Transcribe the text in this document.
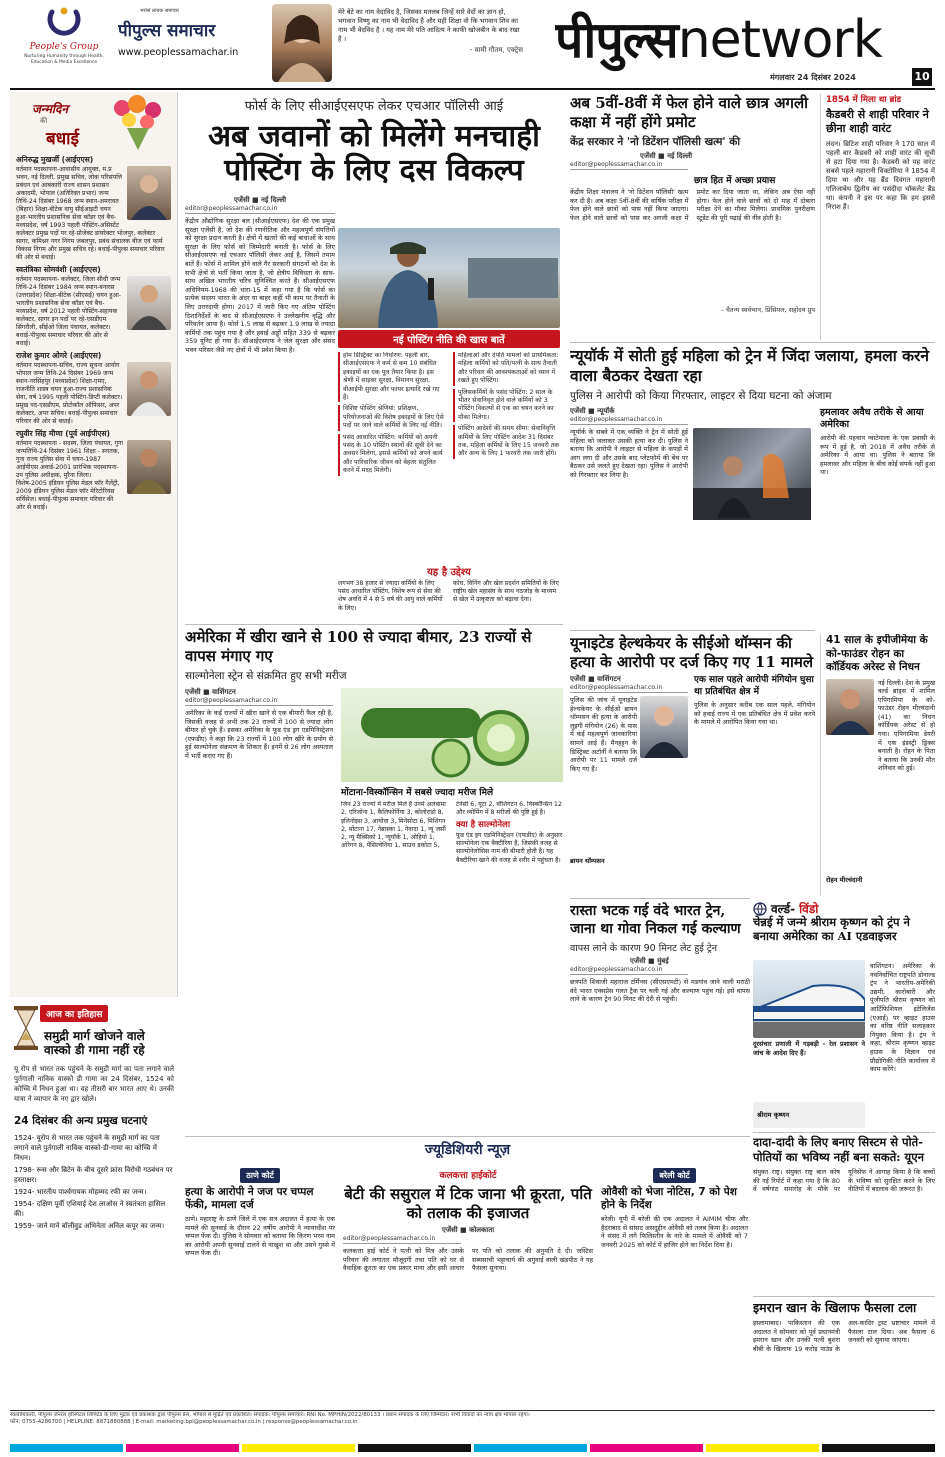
People's Group
Nurturing Humanity through Health, Education & Media Excellence
भरोसे लायक समाचार
पीपुल्स समाचार
www.peoplessamachar.in
मेरे बेटे का नाम वेदाविद है, जिसका मतलब जिन्हें सारे वेदों का ज्ञान हो, भगवान विष्णु का नाम भी वेदाविद है और यही शिक्षा वो कि भगवान शिव का नाम भी वेदविद है । यह नाम मेरे पति आदित्य ने काफी खोजबीन के बाद रखा है ।
- यामी गौतम, एक्ट्रेस पीपुल्सnetwork
मंगलवार 24 दिसंबर 2024	10
जन्मदिन
की
बधाई
अनिरुद्ध मुखर्जी (आईएएस)
वर्तमान पदस्थापना-आवासीय आयुक्त, म.प्र भवन, नई दिल्ली, प्रमुख सचिव, लोक परिसंपत्ति प्रबंधन एवं आबकारी राज्य शासन प्रशासन अकादमी, भोपाल (अतिरिक्त प्रभार) जन्म तिथि-24 दिसंबर 1968 जन्म स्थान-अमरावत (बिहार) शिक्षा-बीटेक वायु सीईआइटी चयन हुआ-भारतीय प्रशासनिक सेवा कॉडर एवं बैच-मध्यप्रदेश, वर्ष 1993 पहली पोस्टिंग-असिस्टेंट कलेक्टर प्रमुख पदों पर रहे-प्रोजेक्ट डायरेक्टर भोजपुर, कलेक्टर सागर, कमिश्नर नगर निगम जबलपुर, प्रबंध संचालक बीज एवं फार्म विकास निगम और प्रमुख सचिव रहे। बधाई-पीपुल्स समाचार परिवार की ओर से बधाई।
स्वतंत्रिका सोमवंशी (आईएएस)
वर्तमान पदस्थापना- कलेक्टर, जिला सीधी जन्म तिथि-24 दिसंबर 1984 जन्म स्थान-बनारस (उत्तरप्रदेश) शिक्षा-बीटेक (सीएसई) चयन हुआ-भारतीय प्रशासनिक सेवा कॉडर एवं बैच-मध्यप्रदेश, वर्ष 2012 पहली पोस्टिंग-सहायक कलेक्टर, सागर इन पदों पर रहे-एसडीएम सिंगरौली, सीईओ जिला पंचायत, कलेक्टर। बधाई-पीपुल्स समाचार परिवार की ओर से बधाई।
राजेश कुमार ओगरे (आईएएस)
वर्तमान पदस्थापना-सचिव, राज्य सूचना आयोग भोपाल जन्म तिथि-24 दिसंबर 1969 जन्म स्थान-नरसिंहपुर (मध्यप्रदेश) शिक्षा-एमए, राजनीति शास्त्र चयन हुआ-राज्य प्रशासनिक सेवा, वर्ष 1995 पहली पोस्टिंग-डिप्टी कलेक्टर। प्रमुख पद-एसडीएम, प्रोटोकॉल ऑफिसर, अपर कलेक्टर, अपर सचिव। बधाई-पीपुल्स समाचार परिवार की ओर से बधाई।
रघुवीर सिंह मीणा (पूर्व आईपीएस)
वर्तमान पदस्थापना - सदस्य, जिला पंचायत, गुना जन्मतिथि-24 दिसंबर 1961 शिक्षा - स्नातक, गुना राज्य पुलिस सेवा में चयन-1987 आईपीएस अवार्ड-2001 प्रारंभिक पदस्थापना-उप पुलिस अधीक्षक, मुरैना जिला। विशेष-2005 इंडियन पुलिस मेडल फॉर गैलेंट्री, 2009 इंडियन पुलिस मेडल फॉर मेरिटोरियस सर्विसेज। बधाई-पीपुल्स समाचार परिवार की ओर से बधाई।
आज का इतिहास
समुद्री मार्ग खोजने वाले वास्को डी गामा नहीं रहे
यू रोप से भारत तक पहुंचने के समुद्री मार्ग का पता लगाने वाले पुर्तगाली नाविक वास्को डी गामा का 24 दिसंबर, 1524 को कोच्चि में निधन हुआ था। वह तीसरी बार भारत आए थे। उनकी यात्रा ने व्यापार के नए द्वार खोले।
24 दिसंबर की अन्य प्रमुख घटनाएं

1524- यूरोप से भारत तक पहुंचने के समुद्री मार्ग का पता लगाने वाले पुर्तगाली नाविक वास्को-डी-गामा का कोच्चि में निधन।

1798- रूस और ब्रिटेन के बीच दूसरे फ्रांस विरोधी गठबंधन पर हस्ताक्षर।

1924- भारतीय पार्श्वगायक मोहम्मद रफी का जन्म।

1954- दक्षिण पूर्वी एशियाई देश लाओस ने स्वतंत्रता हासिल की।

1959- जाने माने बॉलीवुड अभिनेता अनिल कपूर का जन्म।

फोर्स के लिए सीआईएसएफ लेकर एचआर पॉलिसी आई
अब जवानों को मिलेंगे मनचाही पोस्टिंग के लिए दस विकल्प
एजेंसी ■ नई दिल्ली
editor@peoplessamachar.co.in
केंद्रीय औद्योगिक सुरक्षा बल (सीआईएसएफ) देश की एक प्रमुख सुरक्षा एजेंसी है, जो देश की रणनीतिक और महत्वपूर्ण संपत्तियों को सुरक्षा प्रदान करती है। क्षेत्रों में खतरों की कई बाधाओं के साथ सुरक्षा के लिए फोर्स को जिम्मेदारी बनाती है। फोर्स के लिए सीआईएसएफ नई एचआर पॉलिसी लेकर आई है, जिसमें तमाम बातें हैं। फोर्स में शामिल होने वाले गैर सरकारी संगठनों को देश के सभी क्षेत्रों से भर्ती किया जाता है, जो क्षेत्रीय विविधता के साथ-साथ अखिल भारतीय चरित्र सुनिश्चित करते हैं। सीआईएसएफ अधिनियम-1968 की धारा-15 में कहा गया है कि फोर्स का प्रत्येक सदस्य भारत के अंदर या बाहर कहीं भी काम पर तैनाती के लिए उत्तरदायी होगा। 2017 में जारी किए गए अंतिम पोस्टिंग दिशानिर्देशों के बाद से सीआईएसएफ ने उल्लेखनीय वृद्धि और परिवर्तन आया है। फोर्स 1.5 लाख से बढ़कर 1.9 लाख से ज्यादा कर्मियों तक पहुंच गया है और हवाई अड्डों सहित 339 से बढ़कर 359 यूनिट हो गया है। सीआईएसएफ ने जेल सुरक्षा और संसद भवन परिसर जैसे नए क्षेत्रों में भी प्रवेश किया है।
नई पोस्टिंग नीति की खास बातें

होम डिस्ट्रिक्ट का निर्धारण: पहली बार, सीआईएसएफ ने कर्म से कम 10 संबंधित इकाइयों का एक पूल तैयार किया है। इस श्रेणी में साइबर सुरक्षा, विमानन सुरक्षा, वीआईपी सुरक्षा और फायर इत्यादि रखे गए हैं।

विशिष्ट पोस्टिंग श्रेणियां: प्रशिक्षण, परियोजनाओं की विशेष इकाइयों के लिए ऐसे पदों पर जाने वाले कर्मियों के लिए नई नीति।

पसंद आधारित पोस्टिंग: कर्मियों को अपनी पसंद के 10 पोस्टिंग स्थानों की सूची देने का अवसर मिलेगा, इससे कर्मियों को अपने कार्य और पारिवारिक जीवन को बेहतर संतुलित करने में मदद मिलेगी।

महिलाओं और दंपति मामलों को प्राथमिकता: महिला कर्मियों को पति/पत्नी के साथ तैनाती और परिवार की आवश्यकताओं को ध्यान में रखते हुए पोस्टिंग।

पुलिसकर्मियों के पसंद पोस्टिंग: 2 साल के भीतर सेवानिवृत होने वाले कर्मियों को 3 पोस्टिंग विकल्पों से एक का चयन करने का मौका मिलेगा।

पोस्टिंग आदेशों की समय सीमा: सेवानिवृत्ति कर्मियों के लिए पोस्टिंग आदेश 31 दिसंबर तक, महिला कर्मियों के लिए 15 जनवरी तक और अन्य के लिए 1 फरवरी तक जारी होंगे।

यह है उद्देश्य

लगभग 38 हजार से ज्यादा कर्मियों के लिए पसंद आधारित पोस्टिंग, विशेष रूप से सेवा की शेष अवधि में 4 से 5 वर्ष की आयु वाले कर्मियों के लिए।

कोच, विनिंग और खेल प्रदर्शन समितियों के लिए राष्ट्रीय खेल महासंघ के साथ गठजोड़ के माध्यम से खेल में उत्कृष्टता को बढ़ावा देना।

अमेरिका में खीरा खाने से 100 से ज्यादा बीमार, 23 राज्यों से वापस मंगाए गए
साल्मोनेला स्ट्रेन से संक्रमित हुए सभी मरीज
एजेंसी ■ वाशिंगटन
editor@peoplessamachar.co.in
अमेरिका के कई राज्यों में खीरा खाने से एक बीमारी फैल रही है, जिसकी वजह से अभी तक 23 राज्यों में 100 से ज्यादा लोग बीमार हो चुके हैं। इसका अमेरिका के फूड एंड ड्रग एडमिनिस्ट्रेशन (एफडीए) ने कहा कि 23 राज्यों में 100 लोग खीरे के प्रयोग से हुई साल्मोनेला संक्रमण के शिकार हैं। इनमें से 26 लोग अस्पताल में भर्ती कराए गए हैं।
मोंटाना-विस्कॉन्सिन में सबसे ज्यादा मरीज मिले

जिन 23 राज्यों में मरीज मिले हैं उनमें अलबामा 2, एरिजोना 1, कैलिफोर्निया 3, कोलोराडो 8, इलिनोइस 3, आयोवा 3, मिनेसोटा 6, मिशिगन 2, मोंटाना 17, नेब्रास्का 1, नेवादा 1, न्यू जर्सी 2, न्यू मैक्सिको 1, न्यूयॉर्क 1, ओहियो 1, ओरेगन 8, पेंसिल्वेनिया 1, साउथ डकोटा 5, टेनेसी 6, यूटा 2, वॉशिंगटन 6, विस्कॉन्सिन 12 और व्योमिंग में 8 मरीजों की पुष्टि हुई है।

क्या है साल्मोनेला

फूड एंड ड्रग एडमिनिस्ट्रेशन (एफडीए) के अनुसार साल्मोनेला एक बैक्टीरिया है, जिसकी वजह से साल्मोनेलोसिस नाम की बीमारी होती है। यह बैक्टीरिया खाने की वजह से शरीर में पहुंचता है।

अब 5वीं-8वीं में फेल होने वाले छात्र अगली कक्षा में नहीं होंगे प्रमोट
केंद्र सरकार ने 'नो डिटेंशन पॉलिसी खत्म' की
एजेंसी ■ नई दिल्ली
editor@peoplessamachar.co.in
छात्र हित में अच्छा प्रयास
केंद्रीय शिक्षा मंत्रालय ने 'नो डिटेंशन पॉलिसी' खत्म कर दी है। अब कक्षा 5वीं-8वीं की वार्षिक परीक्षा में फेल होने वाले छात्रों को पास नहीं किया जाएगा। फेल होने वाले छात्रों को पास कर अगली कक्षा में प्रमोट कर दिया जाता था, लेकिन अब ऐसा नहीं होगा। फेल होने वाले छात्रों को दो माह में दोबारा परीक्षा देने का मौका मिलेगा। प्राथमिक पुनरीक्षण स्टूडेंट की पूरी पढ़ाई की नींव होती है।
- चैतन्य स्वर्वभान, प्रिंसिपल, सहोदय प्रुप
1854 में मिला था ब्रांड
कैडबरी से शाही परिवार ने छीना शाही वारंट
लंदन। ब्रिटिश शाही परिवार ने 170 साल में पहली बार कैडबरी को शाही वारंट की सूची से हटा दिया गया है। कैडबरी को यह वारंट सबसे पहले महारानी विक्टोरिया ने 1854 में दिया था और यह ब्रैंड दिवंगत महारानी एलिजाबेथ द्वितीय का पसंदीदा चॉकलेट ब्रैंड था। कंपनी ने इस पर कहा कि हम इससे निराश हैं।
न्यूयॉर्क में सोती हुई महिला को ट्रेन में जिंदा जलाया, हमला करने वाला बैठकर देखता रहा
पुलिस ने आरोपी को किया गिरफ्तार, लाइटर से दिया घटना को अंजाम
एजेंसी ■ न्यूयॉर्क
editor@peoplessamachar.co.in
न्यूयॉर्क के सबवे में एक व्यक्ति ने ट्रेन में सोती हुई महिला को जलाकर उसकी हत्या कर दी। पुलिस ने बताया कि आरोपी ने लाइटर से महिला के कपड़ों में आग लगा दी और उसके बाद प्लेटफॉर्म की बेंच पर बैठकर उसे जलते हुए देखता रहा। पुलिस ने आरोपी को गिरफ्तार कर लिया है।
हमलावर अवैध तरीके से आया अमेरिका
आरोपी की पहचान ग्वाटेमाला के एक प्रवासी के रूप में हुई है, जो 2018 में अवैध तरीके से अमेरिका में आया था। पुलिस ने बताया कि हमलावर और महिला के बीच कोई संपर्क नहीं हुआ था।
यूनाइटेड हेल्थकेयर के सीईओ थॉम्सन की हत्या के आरोपी पर दर्ज किए गए 11 मामले
एजेंसी ■ वाशिंगटन
editor@peoplessamachar.co.in
पुलिस की जांच में यूनाइटेड हेल्थकेयर के सीईओ ब्रायन थॉम्पसन की हत्या के आरोपी लुइगी मंगियोन (26) के पास में कई महत्वपूर्ण जानकारियां सामने आई हैं। मैनहट्टन के डिस्ट्रिक्ट अटॉर्नी ने बताया कि आरोपी पर 11 मामले दर्ज किए गए हैं।
ब्रायन थॉम्पसन
एक साल पहले आरोपी मंगियोन घुसा था प्रतिबंधित क्षेत्र में
पुलिस के अनुसार करीब एक साल पहले, मंगियोन को हवाई राज्य में एक प्रतिबंधित क्षेत्र में प्रवेश करने के मामले में आरोपित किया गया था।
41 साल के इपीजीमेया के को-फाउंडर रोहन का कॉर्डियक अरेस्ट से निधन
नई दिल्ली। देश के प्रमुख वर्ल्ड ब्रांड्स में शामिल एपिगामिया के को-फाउंडर रोहन मीरचंदानी (41) का निधन कॉर्डियक अरेस्ट से हो गया। एपिगामिया डेयरी में एक इंडस्ट्री ड्रिक्स बनाती है। रोहन के पिता ने बताया कि उनकी मौत शनिवार को हुई।
रोहन मीरचंदानी
रास्ता भटक गई वंदे भारत ट्रेन, जाना था गोवा निकल गई कल्याण
वापस लाने के कारण 90 मिनट लेट हुई ट्रेन
एजेंसी ■ मुंबई
editor@peoplessamachar.co.in
छत्रपति शिवाजी महाराज टर्मिनस (सीएसएमटी) से मडगांव जाने वाली मराठी वंदे भारत एक्सप्रेस गलत ट्रैक पर चली गई और कल्याण पहुंच गई। इसे वापस लाने के कारण ट्रेन 90 मिनट की देरी से पहुंची।
दूरसंचार प्रणाली में गड़बड़ी - रेल प्रशासन ने जांच के आदेश दिए हैं।
वर्ल्ड- विंडो
चेन्नई में जन्मे श्रीराम कृष्णन को ट्रंप ने बनाया अमेरिका का AI एडवाइजर
वाशिंगटन। अमेरिका के नवनिर्वाचित राष्ट्रपति डोनाल्ड ट्रंप ने भारतीय-अमेरिकी उद्यमी, कारोबारी और पूंजीपति श्रीराम कृष्णन को आर्टिफिशियल इंटेलिजेंस (एआई) पर व्हाइट हाउस का वरिष्ठ नीति सलाहकार नियुक्त किया है। ट्रंप ने कहा, श्रीराम कृष्णन व्हाइट हाउस के विज्ञान एवं प्रौद्योगिकी नीति कार्यालय में काम करेंगे।
श्रीराम कृष्णन
दादा-दादी के लिए बनाए सिस्टम से पोते-पोतियों का भविष्य नहीं बना सकते: यूएन
संयुक्त राष्ट्र। संयुक्त राष्ट्र बाल कोष की नई रिपोर्ट में कहा गया है कि 80 वें वर्षगांठ समारोह के मौके पर यूनिसेफ ने आगाह किया है कि बच्चों के भविष्य को सुरक्षित करने के लिए नीतियों में बदलाव की जरूरत है।
इमरान खान के खिलाफ फैसला टला
इस्लामाबाद। पाकिस्तान की एक अदालत ने सोमवार को पूर्व प्रधानमंत्री इमरान खान और उनकी पत्नी बुशरा बीबी के खिलाफ 19 करोड़ पाउंड के अल-कादिर ट्रस्ट भ्रष्टाचार मामले में फैसला टाल दिया। अब फैसला 6 जनवरी को सुनाया जाएगा।
ज्यूडिशियरी न्यूज़
ठाणे कोर्ट
हत्या के आरोपी ने जज पर चप्पल फेंकी, मामला दर्ज
ठाणे। महाराष्ट्र के ठाणे जिले में एक सत्र अदालत में हत्या के एक मामले की सुनवाई के दौरान 22 वर्षीय आरोपी ने न्यायाधीश पर चप्पल फेंक दी। पुलिस ने सोमवार को बताया कि किरण भरम नाम का आरोपी अपनी सुनवाई टालने से नाखुश था और उसने गुस्से में चप्पल फेंक दी।
कलकत्ता हाईकोर्ट
बेटी की ससुराल में टिक जाना भी क्रूरता, पति को तलाक की इजाजत
एजेंसी ■ कोलकाता
editor@peoplessamachar.co.in
कलकत्ता हाई कोर्ट ने पत्नी को मित्र और उसके परिवार की लगातार मौजूदगी तथा पति को घर से वैवाहिक क्रूरता का एक प्रकार माना और इसी आधार पर पति को तलाक की अनुमति दे दी। जस्टिस सब्यसाची भट्टाचार्य की अगुवाई वाली खंडपीठ ने यह फैसला सुनाया।
बरेली कोर्ट
ओवैसी को भेजा नोटिस, 7 को पेश होने के निर्देश
बरेली। यूपी में बरेली की एक अदालत ने AIMIM चीफ और हैदराबाद से सांसद असदुद्दीन ओवैसी को तलब किया है। अदालत ने संसद में लगे फिलिस्तीन के नारे के मामले में ओवैसी को 7 जनवरी 2025 को कोर्ट में हाजिर होने का निर्देश दिया है।
स्वत्वाधिकारी, पीपुल्स जनरल हॉस्पिटल लिमिटेड के लिए मुद्रक एवं प्रकाशक द्वारा पीपुल्स प्रेस, भोपाल से मुद्रित एवं प्रकाशित। संपादक: पीपुल्स समाचार। RNI No. MPHIN/2022/80133 । प्रधान संपादक के लिए जिम्मेदार। सभी विवादों का न्याय क्षेत्र भोपाल रहेगा।
फोन: 0755-4286700 | HELPLINE: 8871880888 | E-mail: marketing.bpl@peoplessamachar.co.in | response@peoplessamachar.co.in
